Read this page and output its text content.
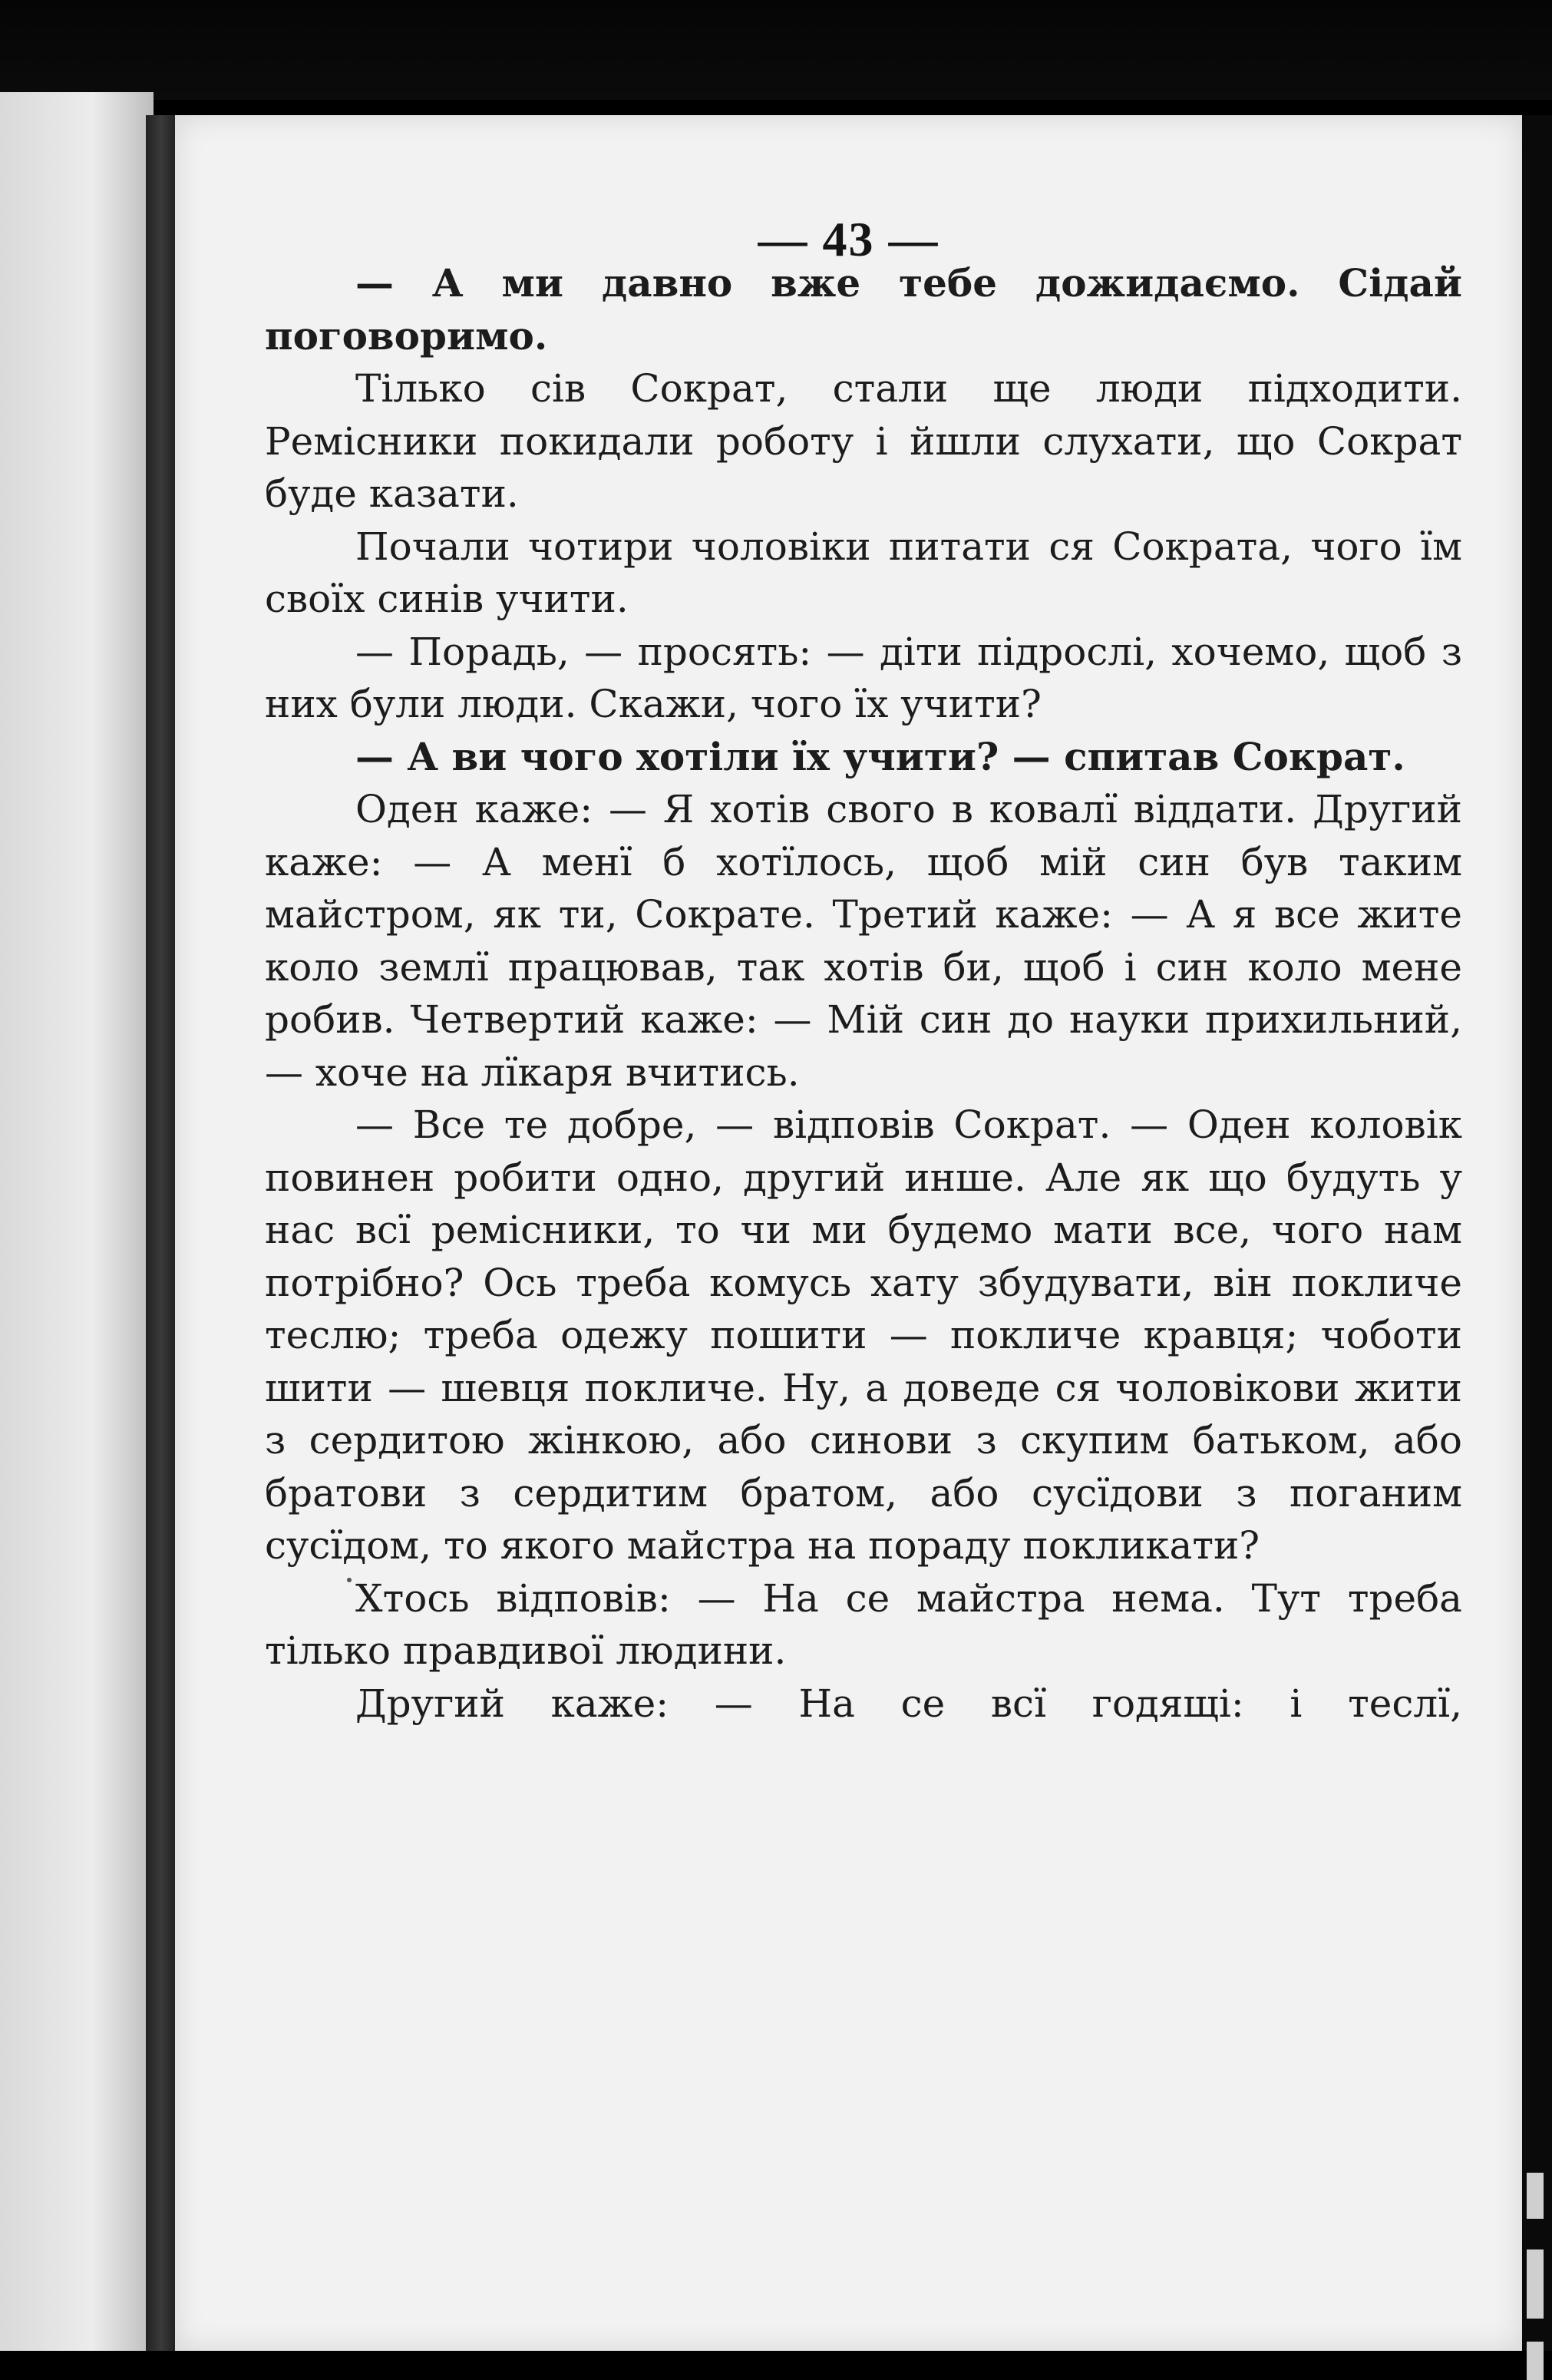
— 43 —

— А ми давно вже тебе дожидаємо. Сідай поговоримо.

Тілько сів Сократ, стали ще люди підходити. Ремісники покидали роботу і йшли слухати, що Сократ буде казати.

Почали чотири чоловіки питати ся Сократа, чого їм своїх синів учити.

— Порадь, — просять: — діти підрослі, хочемо, щоб з них були люди. Скажи, чого їх учити?

— А ви чого хотіли їх учити? — спитав Сократ.

Оден каже: — Я хотів свого в ковалї віддати. Другий каже: — А менї б хотїлось, щоб мій син був таким майстром, як ти, Сократе. Третий каже: — А я все жите коло землї працював, так хотів би, щоб і син коло мене робив. Четвертий каже: — Мій син до науки прихильний, — хоче на лїкаря вчитись.

— Все те добре, — відповів Сократ. — Оден коловік повинен робити одно, другий инше. Але як що будуть у нас всї ремісники, то чи ми будемо мати все, чого нам потрібно? Ось треба комусь хату збудувати, він покличе теслю; треба одежу пошити — покличе кравця; чоботи шити — шевця покличе. Ну, а доведе ся чоловікови жити з сердитою жінкою, або синови з скупим батьком, або братови з сердитим братом, або сусїдови з поганим сусїдом, то якого майстра на пораду покликати?

Хтось відповів: — На се майстра нема. Тут треба тілько правдивої людини.

Другий каже: — На се всї годящі: і теслї,
